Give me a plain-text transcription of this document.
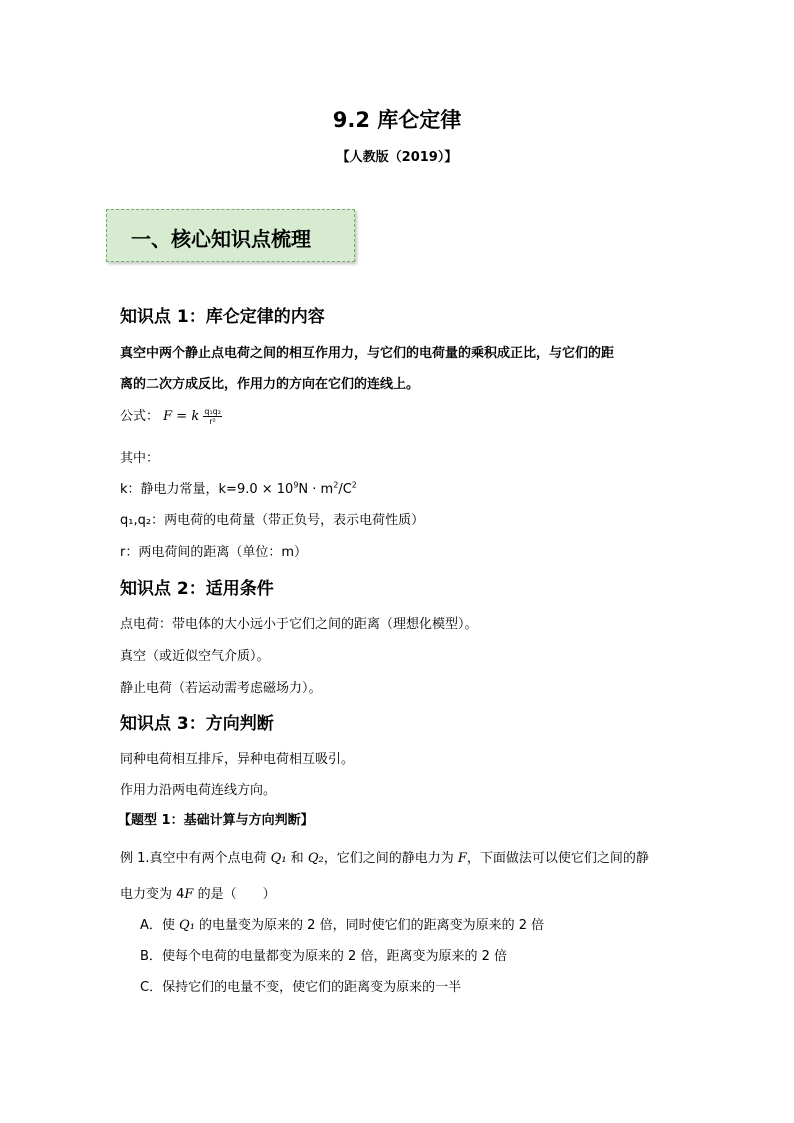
9.2 库仑定律
【人教版（2019）】
一、核心知识点梳理
知识点 1：库仑定律的内容
真空中两个静止点电荷之间的相互作用力，与它们的电荷量的乘积成正比，与它们的距
离的二次方成反比，作用力的方向在它们的连线上。
公式： F = k $\frac{\text{q₁q₂}}{\text{r²}}$
其中：
k：静电力常量，$k=9.0 \times 10^9N \cdot m^2/C^2$
q₁,q₂：两电荷的电荷量（带正负号，表示电荷性质）
r：两电荷间的距离（单位：m）
知识点 2：适用条件
点电荷：带电体的大小远小于它们之间的距离（理想化模型）。
真空（或近似空气介质）。
静止电荷（若运动需考虑磁场力）。
知识点 3：方向判断
同种电荷相互排斥，异种电荷相互吸引。
作用力沿两电荷连线方向。
【题型 1：基础计算与方向判断】
例 1.真空中有两个点电荷 Q₁ 和 Q₂，它们之间的静电力为 F，下面做法可以使它们之间的静
电力变为 4F 的是（　　）
A．使 Q₁ 的电量变为原来的 2 倍，同时使它们的距离变为原来的 2 倍
B．使每个电荷的电量都变为原来的 2 倍，距离变为原来的 2 倍
C．保持它们的电量不变，使它们的距离变为原来的一半
